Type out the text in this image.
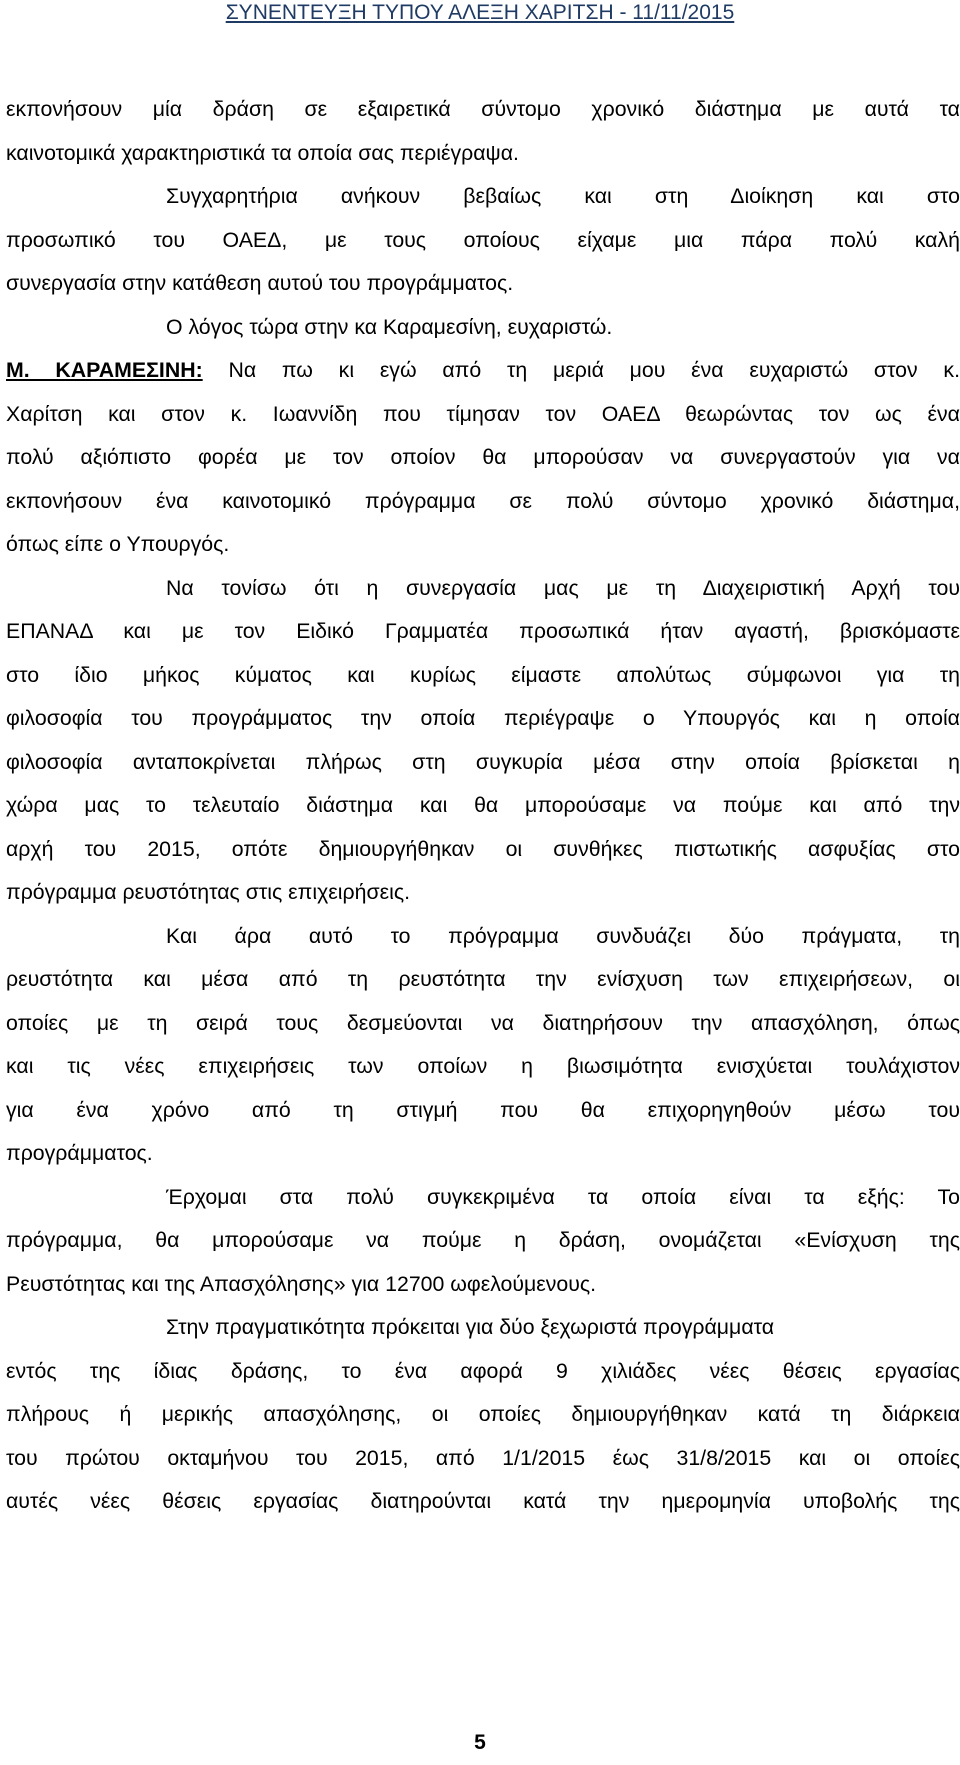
ΣΥΝΕΝΤΕΥΞΗ ΤΥΠΟΥ ΑΛΕΞΗ ΧΑΡΙΤΣΗ - 11/11/2015
εκπονήσουν μία δράση σε εξαιρετικά σύντομο χρονικό διάστημα με αυτά τα
καινοτομικά χαρακτηριστικά τα οποία σας περιέγραψα.
Συγχαρητήρια ανήκουν βεβαίως και στη Διοίκηση και στο
προσωπικό του ΟΑΕΔ, με τους οποίους είχαμε μια πάρα πολύ καλή
συνεργασία στην κατάθεση αυτού του προγράμματος.
Ο λόγος τώρα στην κα Καραμεσίνη, ευχαριστώ.
Μ. ΚΑΡΑΜΕΣΙΝΗ: Να πω κι εγώ από τη μεριά μου ένα ευχαριστώ στον κ.
Χαρίτση και στον κ. Ιωαννίδη που τίμησαν τον ΟΑΕΔ θεωρώντας τον ως ένα
πολύ αξιόπιστο φορέα με τον οποίον θα μπορούσαν να συνεργαστούν για να
εκπονήσουν ένα καινοτομικό πρόγραμμα σε πολύ σύντομο χρονικό διάστημα,
όπως είπε ο Υπουργός.
Να τονίσω ότι η συνεργασία μας με τη Διαχειριστική Αρχή του
ΕΠΑΝΑΔ και με τον Ειδικό Γραμματέα προσωπικά ήταν αγαστή, βρισκόμαστε
στο ίδιο μήκος κύματος και κυρίως είμαστε απολύτως σύμφωνοι για τη
φιλοσοφία του προγράμματος την οποία περιέγραψε ο Υπουργός και η οποία
φιλοσοφία ανταποκρίνεται πλήρως στη συγκυρία μέσα στην οποία βρίσκεται η
χώρα μας το τελευταίο διάστημα και θα μπορούσαμε να πούμε και από την
αρχή του 2015, οπότε δημιουργήθηκαν οι συνθήκες πιστωτικής ασφυξίας στο
πρόγραμμα ρευστότητας στις επιχειρήσεις.
Και άρα αυτό το πρόγραμμα συνδυάζει δύο πράγματα, τη
ρευστότητα και μέσα από τη ρευστότητα την ενίσχυση των επιχειρήσεων, οι
οποίες με τη σειρά τους δεσμεύονται να διατηρήσουν την απασχόληση, όπως
και τις νέες επιχειρήσεις των οποίων η βιωσιμότητα ενισχύεται τουλάχιστον
για ένα χρόνο από τη στιγμή που θα επιχορηγηθούν μέσω του
προγράμματος.
Έρχομαι στα πολύ συγκεκριμένα τα οποία είναι τα εξής: Το
πρόγραμμα, θα μπορούσαμε να πούμε η δράση, ονομάζεται «Ενίσχυση της
Ρευστότητας και της Απασχόλησης» για 12700 ωφελούμενους.
Στην πραγματικότητα πρόκειται για δύο ξεχωριστά προγράμματα
εντός της ίδιας δράσης, το ένα αφορά 9 χιλιάδες νέες θέσεις εργασίας
πλήρους ή μερικής απασχόλησης, οι οποίες δημιουργήθηκαν κατά τη διάρκεια
του πρώτου οκταμήνου του 2015, από 1/1/2015 έως 31/8/2015 και οι οποίες
αυτές νέες θέσεις εργασίας διατηρούνται κατά την ημερομηνία υποβολής της
5
